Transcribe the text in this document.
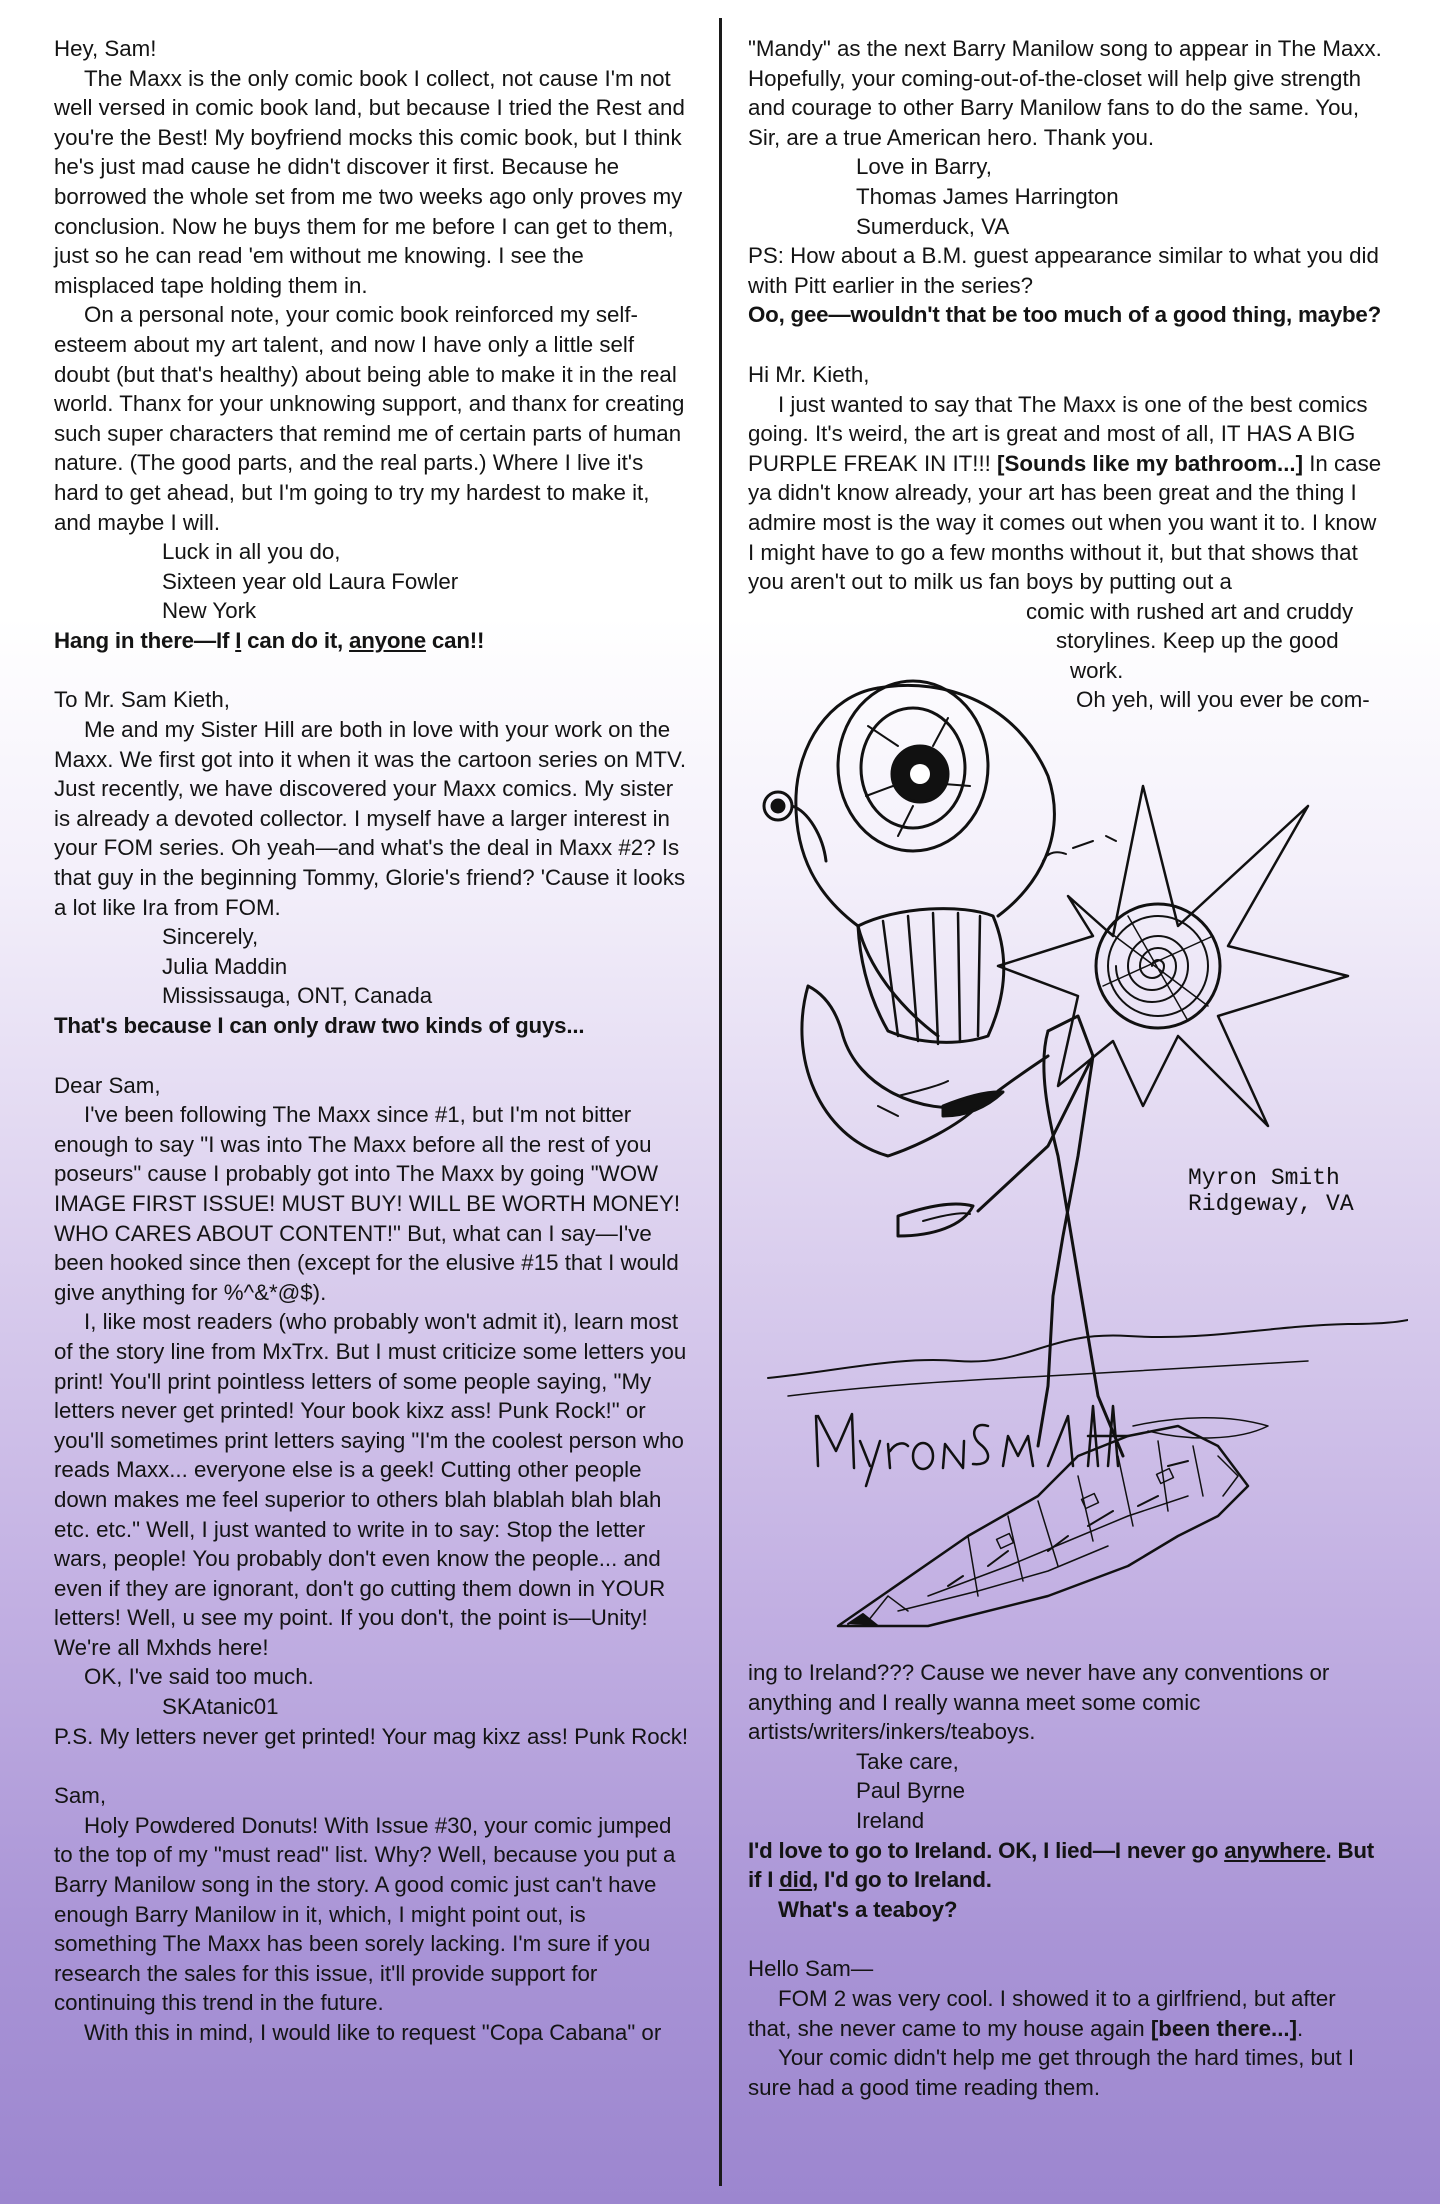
Hey, Sam!

The Maxx is the only comic book I collect, not cause I'm not well versed in comic book land, but because I tried the Rest and you're the Best! My boyfriend mocks this comic book, but I think he's just mad cause he didn't discover it first. Because he borrowed the whole set from me two weeks ago only proves my conclusion. Now he buys them for me before I can get to them, just so he can read 'em without me knowing. I see the misplaced tape holding them in.

On a personal note, your comic book reinforced my self-esteem about my art talent, and now I have only a little self doubt (but that's healthy) about being able to make it in the real world. Thanx for your unknowing support, and thanx for creating such super characters that remind me of certain parts of human nature. (The good parts, and the real parts.) Where I live it's hard to get ahead, but I'm going to try my hardest to make it, and maybe I will.

Luck in all you do,

Sixteen year old Laura Fowler

New York

Hang in there—If I can do it, anyone can!!

To Mr. Sam Kieth,

Me and my Sister Hill are both in love with your work on the Maxx. We first got into it when it was the cartoon series on MTV. Just recently, we have discovered your Maxx comics. My sister is already a devoted collector. I myself have a larger interest in your FOM series. Oh yeah—and what's the deal in Maxx #2? Is that guy in the beginning Tommy, Glorie's friend? 'Cause it looks a lot like Ira from FOM.

Sincerely,

Julia Maddin

Mississauga, ONT, Canada

That's because I can only draw two kinds of guys...

Dear Sam,

I've been following The Maxx since #1, but I'm not bitter enough to say "I was into The Maxx before all the rest of you poseurs" cause I probably got into The Maxx by going "WOW IMAGE FIRST ISSUE! MUST BUY! WILL BE WORTH MONEY! WHO CARES ABOUT CONTENT!" But, what can I say—I've been hooked since then (except for the elusive #15 that I would give anything for %^&*@$).

I, like most readers (who probably won't admit it), learn most of the story line from MxTrx. But I must criticize some letters you print! You'll print pointless letters of some people saying, "My letters never get printed! Your book kixz ass! Punk Rock!" or you'll sometimes print letters saying "I'm the coolest person who reads Maxx... everyone else is a geek! Cutting other people down makes me feel superior to others blah blablah blah blah etc. etc." Well, I just wanted to write in to say: Stop the letter wars, people! You probably don't even know the people... and even if they are ignorant, don't go cutting them down in YOUR letters! Well, u see my point. If you don't, the point is—Unity! We're all Mxhds here!

OK, I've said too much.

SKAtanic01

P.S. My letters never get printed! Your mag kixz ass! Punk Rock!

Sam,

Holy Powdered Donuts! With Issue #30, your comic jumped to the top of my "must read" list. Why? Well, because you put a Barry Manilow song in the story. A good comic just can't have enough Barry Manilow in it, which, I might point out, is something The Maxx has been sorely lacking. I'm sure if you research the sales for this issue, it'll provide support for continuing this trend in the future.

With this in mind, I would like to request "Copa Cabana" or

"Mandy" as the next Barry Manilow song to appear in The Maxx. Hopefully, your coming-out-of-the-closet will help give strength and courage to other Barry Manilow fans to do the same. You, Sir, are a true American hero. Thank you.

Love in Barry,

Thomas James Harrington

Sumerduck, VA

PS: How about a B.M. guest appearance similar to what you did with Pitt earlier in the series?

Oo, gee—wouldn't that be too much of a good thing, maybe?

Hi Mr. Kieth,

I just wanted to say that The Maxx is one of the best comics going. It's weird, the art is great and most of all, IT HAS A BIG PURPLE FREAK IN IT!!! [Sounds like my bathroom...] In case ya didn't know already, your art has been great and the thing I admire most is the way it comes out when you want it to. I know I might have to go a few months without it, but that shows that you aren't out to milk us fan boys by putting out a

comic with rushed art and cruddy

storylines. Keep up the good

work.

Oh yeh, will you ever be com-

ing to Ireland??? Cause we never have any conventions or anything and I really wanna meet some comic artists/writers/inkers/teaboys.

Take care,

Paul Byrne

Ireland

I'd love to go to Ireland. OK, I lied—I never go anywhere. But if I did, I'd go to Ireland.

What's a teaboy?

Hello Sam—

FOM 2 was very cool. I showed it to a girlfriend, but after that, she never came to my house again [been there...].

Your comic didn't help me get through the hard times, but I sure had a good time reading them.

Myron Smith
Ridgeway, VA
